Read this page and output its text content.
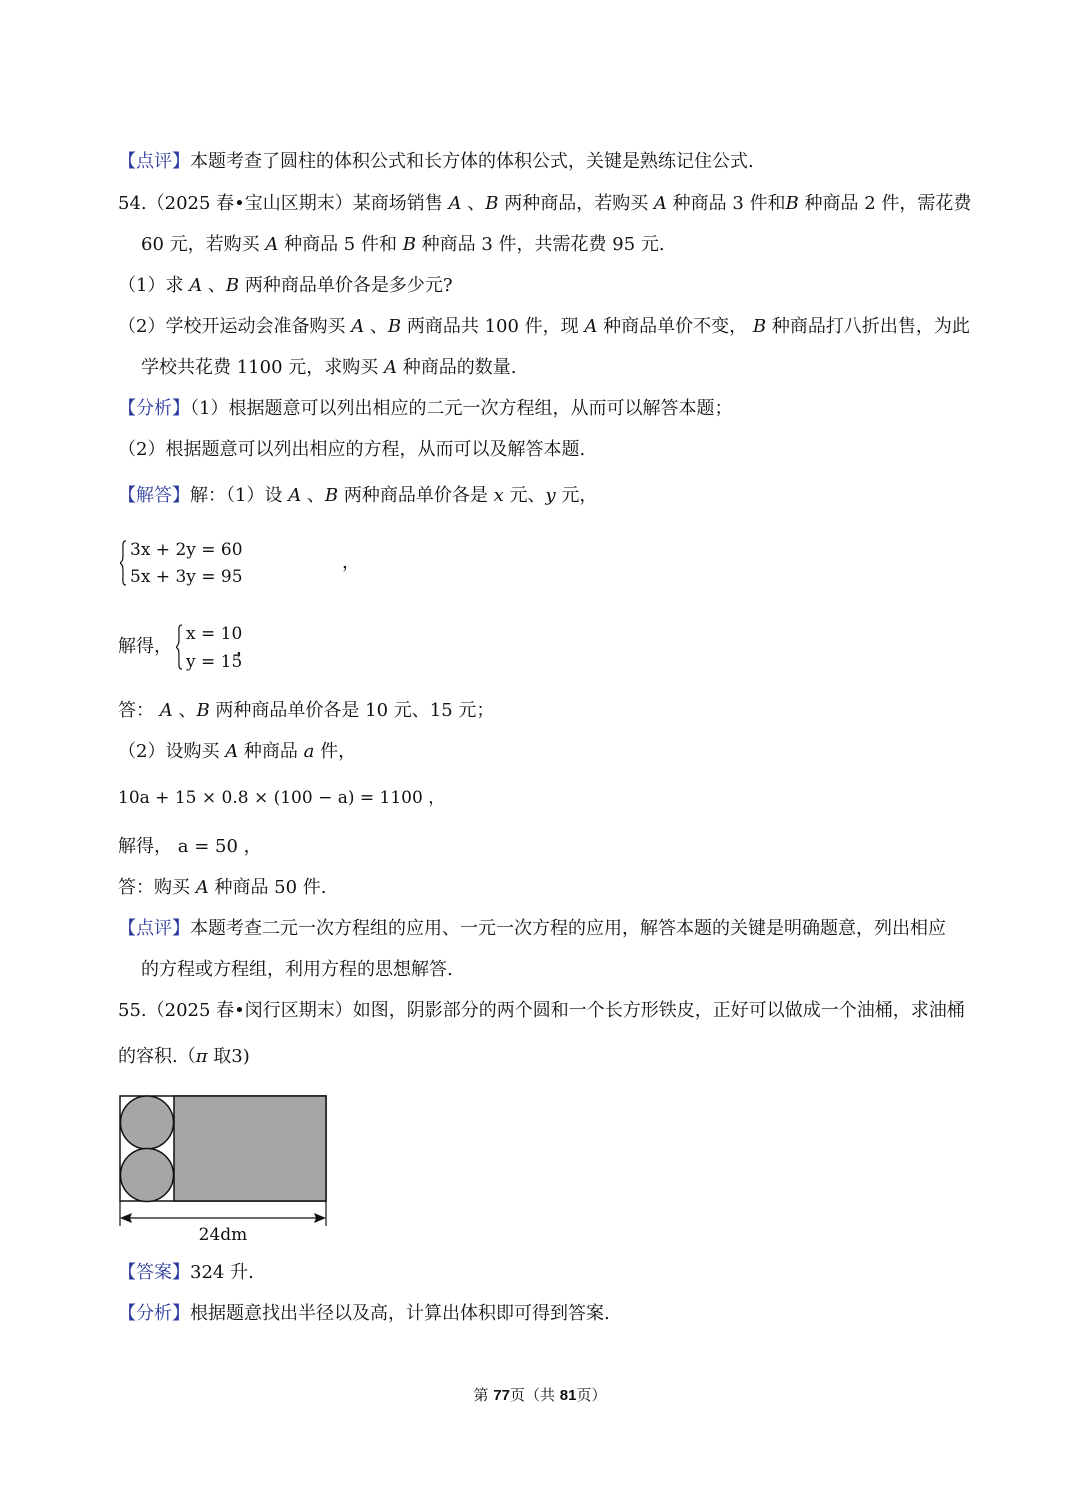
【点评】本题考查了圆柱的体积公式和长方体的体积公式，关键是熟练记住公式.
54.（2025 春•宝山区期末）某商场销售 A 、B 两种商品，若购买 A 种商品 3 件和B 种商品 2 件，需花费
60 元，若购买 A 种商品 5 件和 B 种商品 3 件，共需花费 95 元.
（1）求 A 、B 两种商品单价各是多少元?
（2）学校开运动会准备购买 A 、B 两商品共 100 件，现 A 种商品单价不变， B 种商品打八折出售，为此
学校共花费 1100 元，求购买 A 种商品的数量.
【分析】（1）根据题意可以列出相应的二元一次方程组，从而可以解答本题；
（2）根据题意可以列出相应的方程，从而可以及解答本题.
【解答】解：（1）设 A 、B 两种商品单价各是 x 元、y 元，
3x + 2y = 60
5x + 3y = 95
，
解得，
x = 10
y = 15
，
答： A 、B 两种商品单价各是 10 元、15 元；
（2）设购买 A 种商品 a 件，
10a + 15 × 0.8 × (100 − a) = 1100 ，
解得， a = 50 ，
答：购买 A 种商品 50 件.
【点评】本题考查二元一次方程组的应用、一元一次方程的应用，解答本题的关键是明确题意，列出相应
的方程或方程组，利用方程的思想解答.
55.（2025 春•闵行区期末）如图，阴影部分的两个圆和一个长方形铁皮，正好可以做成一个油桶，求油桶
的容积.（π 取3)
24dm
【答案】324 升.
【分析】根据题意找出半径以及高，计算出体积即可得到答案.
第 77页（共 81页）
